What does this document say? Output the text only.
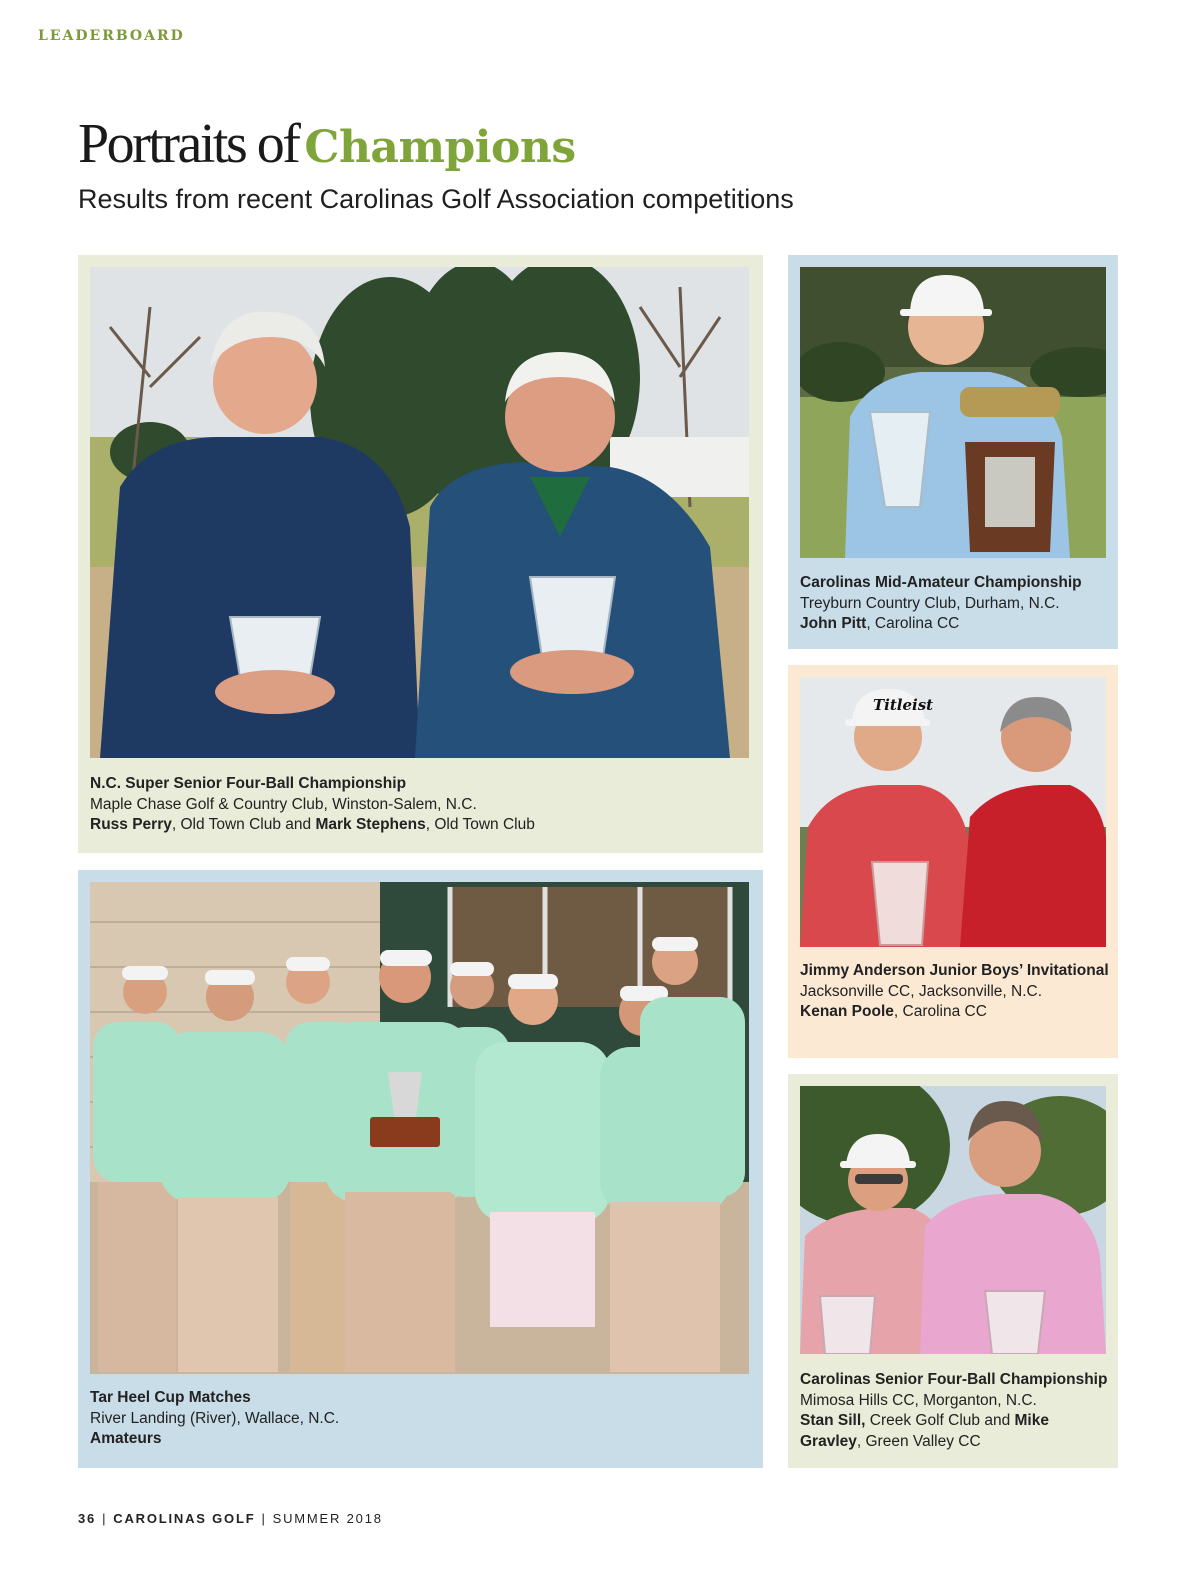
LEADERBOARD
Portraits of Champions
Results from recent Carolinas Golf Association competitions
N.C. Super Senior Four-Ball Championship
Maple Chase Golf & Country Club, Winston-Salem, N.C.
Russ Perry, Old Town Club and Mark Stephens, Old Town Club
Carolinas Mid-Amateur Championship
Treyburn Country Club, Durham, N.C.
John Pitt, Carolina CC
Titleist
Jimmy Anderson Junior Boys’ Invitational
Jacksonville CC, Jacksonville, N.C.
Kenan Poole, Carolina CC
Tar Heel Cup Matches
River Landing (River), Wallace, N.C.
Amateurs
Carolinas Senior Four-Ball Championship
Mimosa Hills CC, Morganton, N.C.
Stan Sill, Creek Golf Club and Mike Gravley, Green Valley CC
36 | CAROLINAS GOLF | SUMMER 2018
